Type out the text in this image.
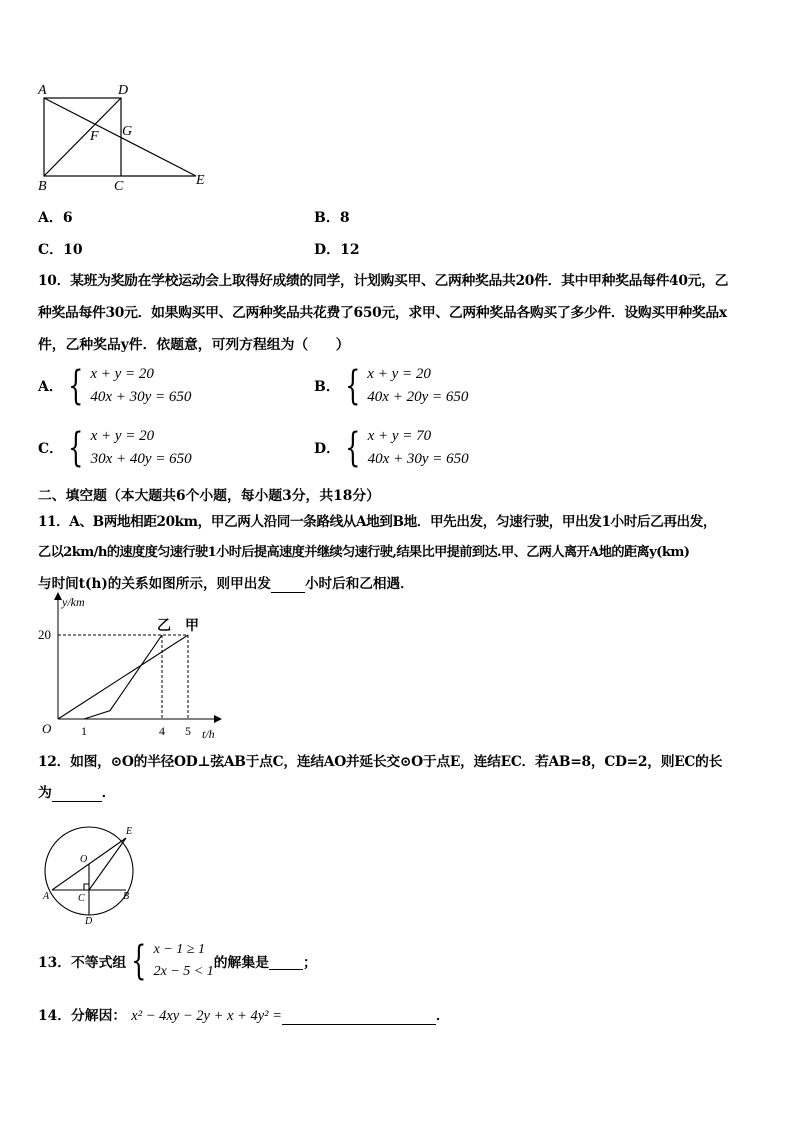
A	D
F G
B	C	E
A．6	B．8
C．10	D．12
10．某班为奖励在学校运动会上取得好成绩的同学，计划购买甲、乙两种奖品共20件．其中甲种奖品每件40元，乙
种奖品每件30元．如果购买甲、乙两种奖品共花费了650元，求甲、乙两种奖品各购买了多少件．设购买甲种奖品x
件，乙种奖品y件．依题意，可列方程组为（　　）
A． { x + y = 20
40x + 30y = 650
B． { x + y = 20
40x + 20y = 650
C． { x + y = 20
30x + 40y = 650
D． { x + y = 70
40x + 30y = 650
二、填空题（本大题共6个小题，每小题3分，共18分）
11．A、B两地相距20km，甲乙两人沿同一条路线从A地到B地．甲先出发，匀速行驶，甲出发1小时后乙再出发，
乙以2km/h的速度度匀速行驶1小时后提高速度并继续匀速行驶,结果比甲提前到达.甲、乙两人离开A地的距离y(km)
与时间t(h)的关系如图所示，则甲出发	小时后和乙相遇．
y/km
t/h
O
20
1	4 5
乙 甲
12．如图，⊙O的半径OD⊥弦AB于点C，连结AO并延长交⊙O于点E，连结EC．若AB=8，CD=2，则EC的长
为	．
E
O
A	C	B
D
13．不等式组 { x − 1 ≥ 1
2x − 5 < 1
的解集是
；
14．分解因： x² − 4xy − 2y + x + 4y² =	．
